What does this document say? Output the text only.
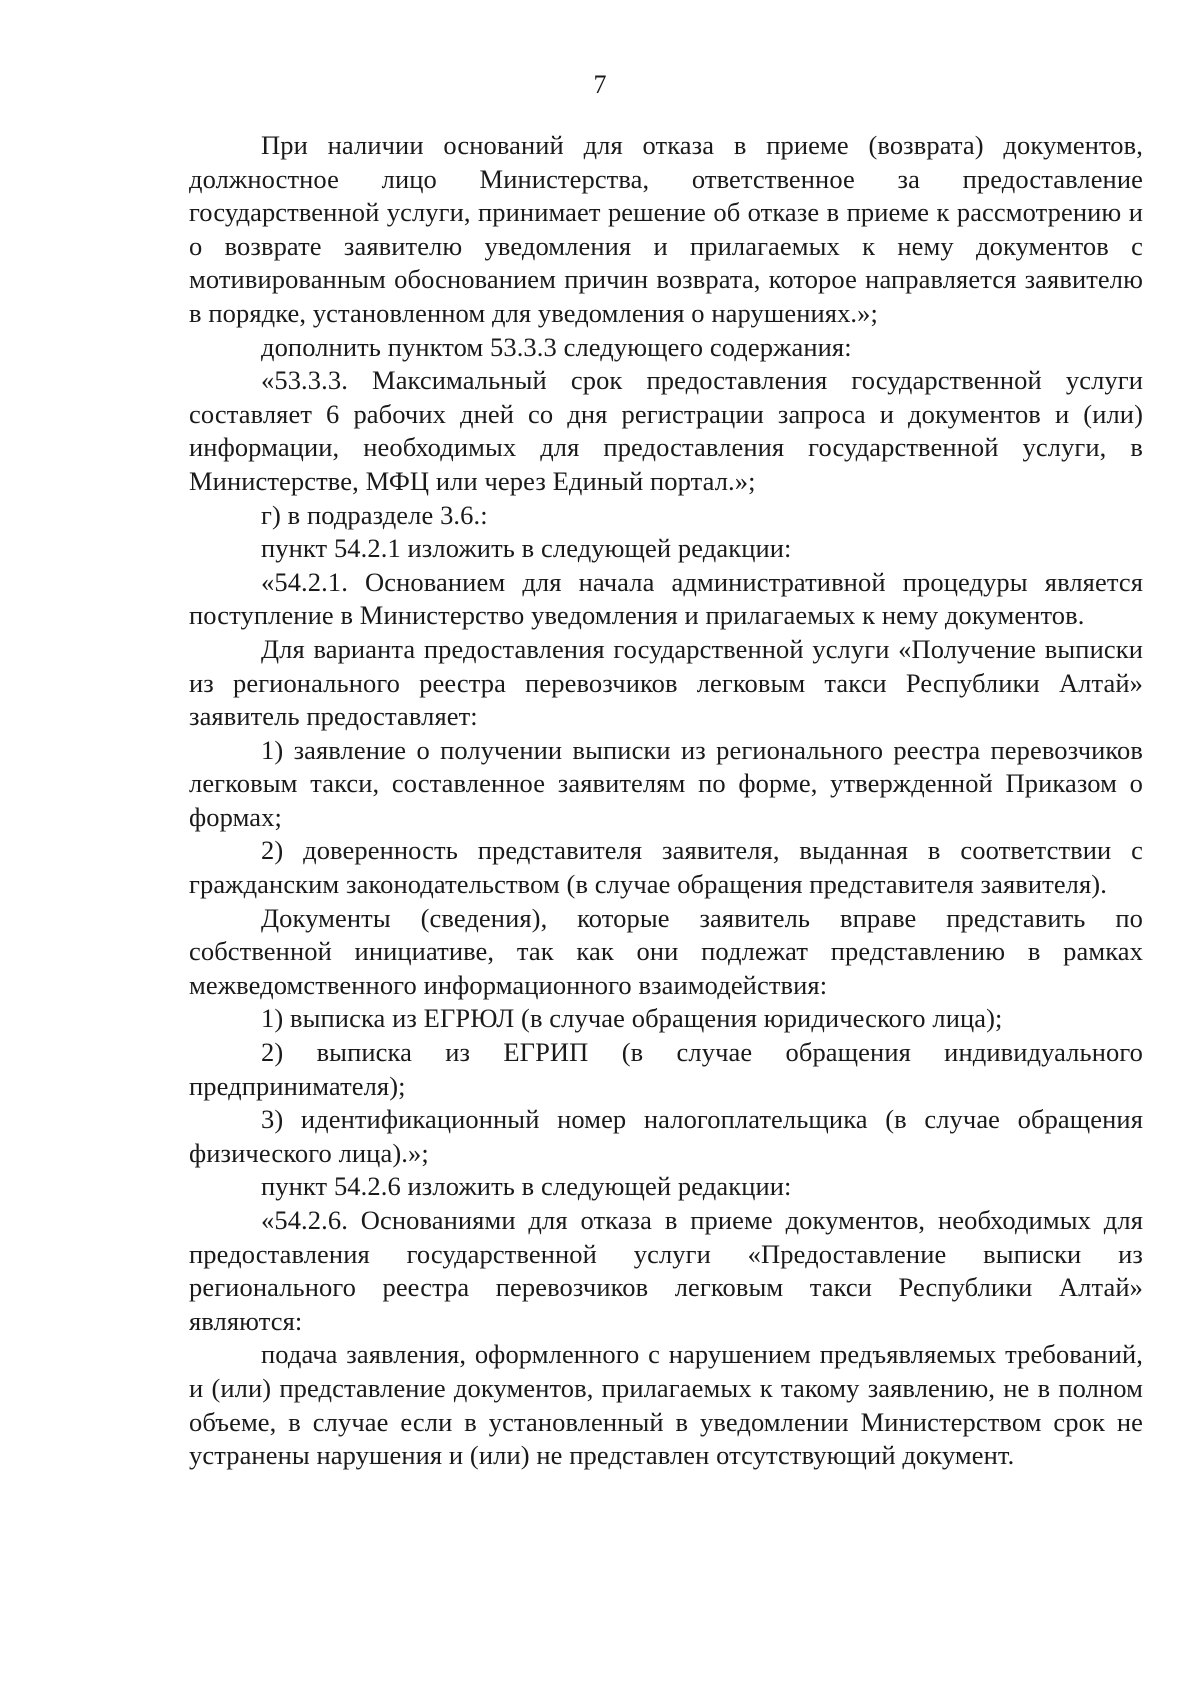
7

При наличии оснований для отказа в приеме (возврата) документов, должностное лицо Министерства, ответственное за предоставление государственной услуги, принимает решение об отказе в приеме к рассмотрению и о возврате заявителю уведомления и прилагаемых к нему документов с мотивированным обоснованием причин возврата, которое направляется заявителю в порядке, установленном для уведомления о нарушениях.»;

дополнить пунктом 53.3.3 следующего содержания:

«53.3.3. Максимальный срок предоставления государственной услуги составляет 6 рабочих дней со дня регистрации запроса и документов и (или) информации, необходимых для предоставления государственной услуги, в Министерстве, МФЦ или через Единый портал.»;

г) в подразделе 3.6.:

пункт 54.2.1 изложить в следующей редакции:

«54.2.1. Основанием для начала административной процедуры является поступление в Министерство уведомления и прилагаемых к нему документов.

Для варианта предоставления государственной услуги «Получение выписки из регионального реестра перевозчиков легковым такси Республики Алтай» заявитель предоставляет:

1) заявление о получении выписки из регионального реестра перевозчиков легковым такси, составленное заявителям по форме, утвержденной Приказом о формах;

2) доверенность представителя заявителя, выданная в соответствии с гражданским законодательством (в случае обращения представителя заявителя).

Документы (сведения), которые заявитель вправе представить по собственной инициативе, так как они подлежат представлению в рамках межведомственного информационного взаимодействия:

1) выписка из ЕГРЮЛ (в случае обращения юридического лица);

2) выписка из ЕГРИП (в случае обращения индивидуального предпринимателя);

3) идентификационный номер налогоплательщика (в случае обращения физического лица).»;

пункт 54.2.6 изложить в следующей редакции:

«54.2.6. Основаниями для отказа в приеме документов, необходимых для предоставления государственной услуги «Предоставление выписки из регионального реестра перевозчиков легковым такси Республики Алтай» являются:

подача заявления, оформленного с нарушением предъявляемых требований, и (или) представление документов, прилагаемых к такому заявлению, не в полном объеме, в случае если в установленный в уведомлении Министерством срок не устранены нарушения и (или) не представлен отсутствующий документ.
